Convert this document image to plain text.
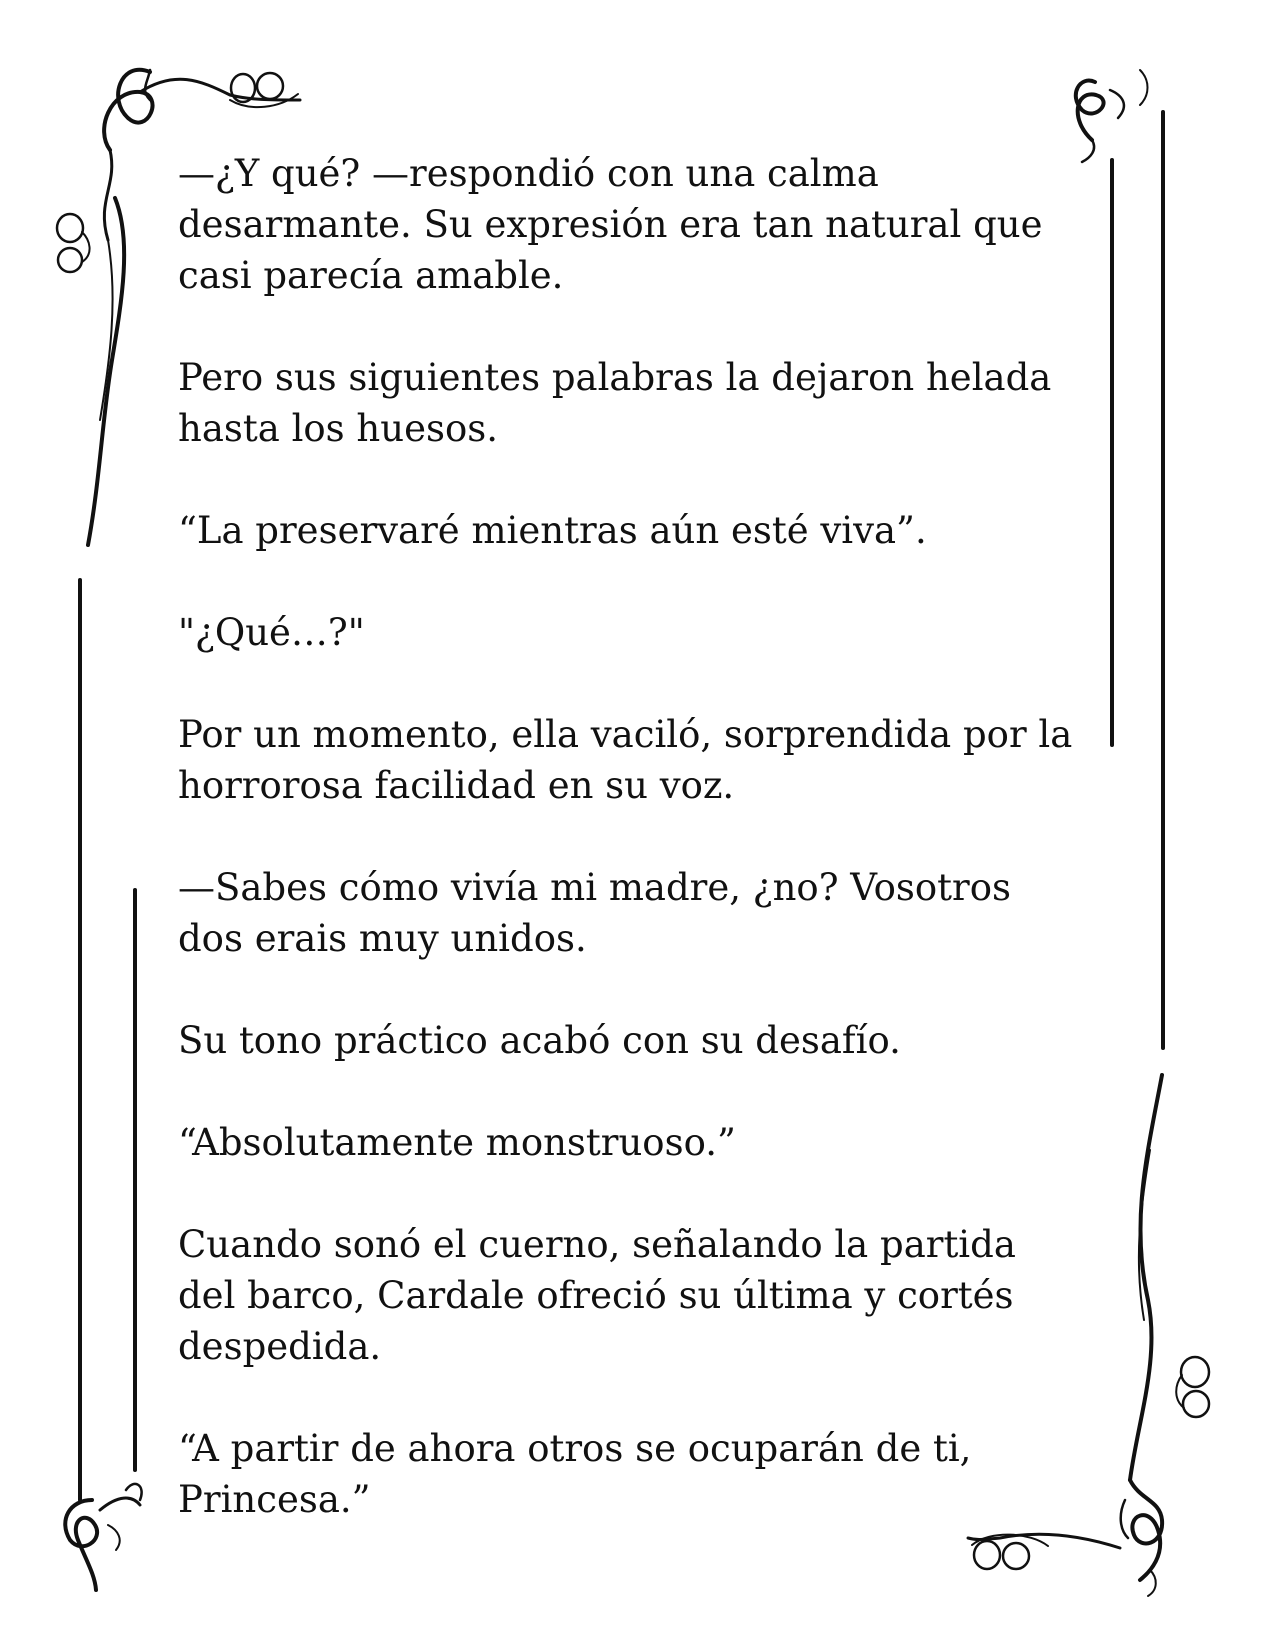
—¿Y qué? —respondió con una calma
desarmante. Su expresión era tan natural que
casi parecía amable.

Pero sus siguientes palabras la dejaron helada
hasta los huesos.

“La preservaré mientras aún esté viva”.

"¿Qué…?"

Por un momento, ella vaciló, sorprendida por la
horrorosa facilidad en su voz.

—Sabes cómo vivía mi madre, ¿no? Vosotros
dos erais muy unidos.

Su tono práctico acabó con su desafío.

“Absolutamente monstruoso.”

Cuando sonó el cuerno, señalando la partida
del barco, Cardale ofreció su última y cortés
despedida.

“A partir de ahora otros se ocuparán de ti,
Princesa.”
